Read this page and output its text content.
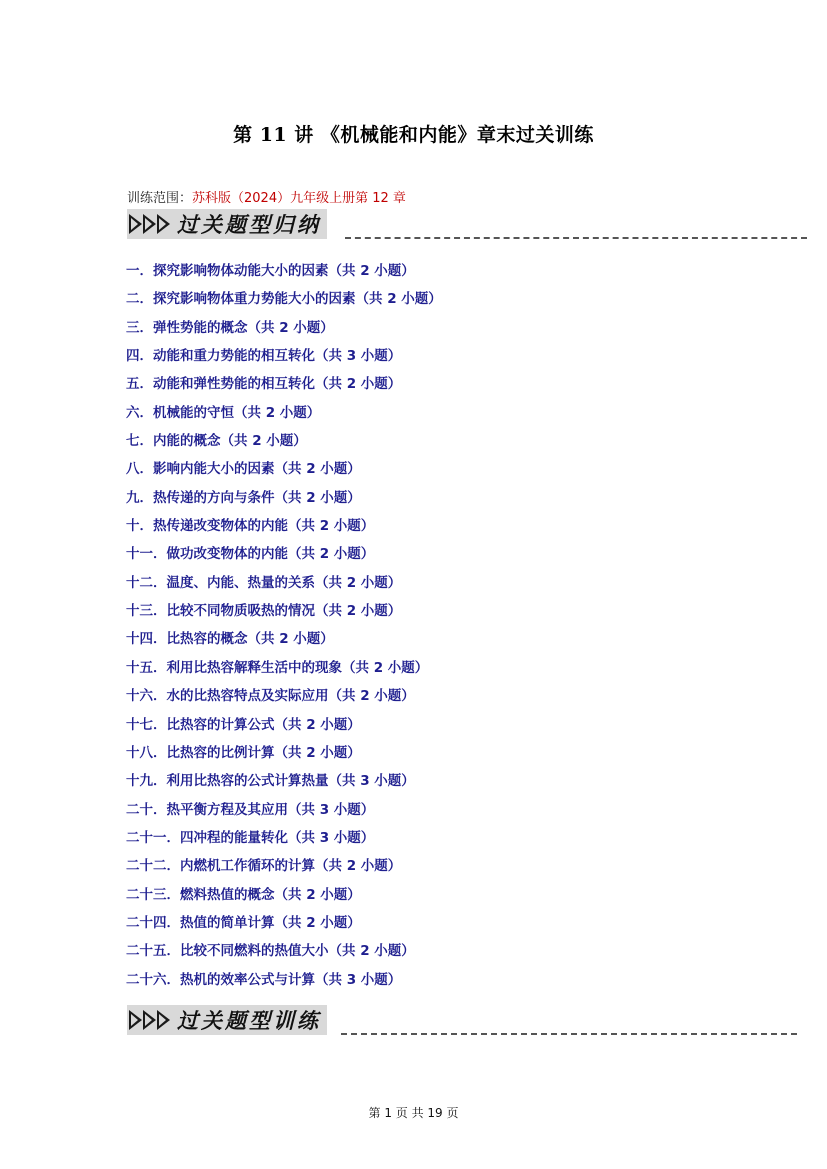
第 11 讲 《机械能和内能》章末过关训练
训练范围：苏科版（2024）九年级上册第 12 章
过关题型归纳
一．探究影响物体动能大小的因素（共 2 小题）
二．探究影响物体重力势能大小的因素（共 2 小题）
三．弹性势能的概念（共 2 小题）
四．动能和重力势能的相互转化（共 3 小题）
五．动能和弹性势能的相互转化（共 2 小题）
六．机械能的守恒（共 2 小题）
七．内能的概念（共 2 小题）
八．影响内能大小的因素（共 2 小题）
九．热传递的方向与条件（共 2 小题）
十．热传递改变物体的内能（共 2 小题）
十一．做功改变物体的内能（共 2 小题）
十二．温度、内能、热量的关系（共 2 小题）
十三．比较不同物质吸热的情况（共 2 小题）
十四．比热容的概念（共 2 小题）
十五．利用比热容解释生活中的现象（共 2 小题）
十六．水的比热容特点及实际应用（共 2 小题）
十七．比热容的计算公式（共 2 小题）
十八．比热容的比例计算（共 2 小题）
十九．利用比热容的公式计算热量（共 3 小题）
二十．热平衡方程及其应用（共 3 小题）
二十一．四冲程的能量转化（共 3 小题）
二十二．内燃机工作循环的计算（共 2 小题）
二十三．燃料热值的概念（共 2 小题）
二十四．热值的简单计算（共 2 小题）
二十五．比较不同燃料的热值大小（共 2 小题）
二十六．热机的效率公式与计算（共 3 小题）
过关题型训练
第 1 页 共 19 页
